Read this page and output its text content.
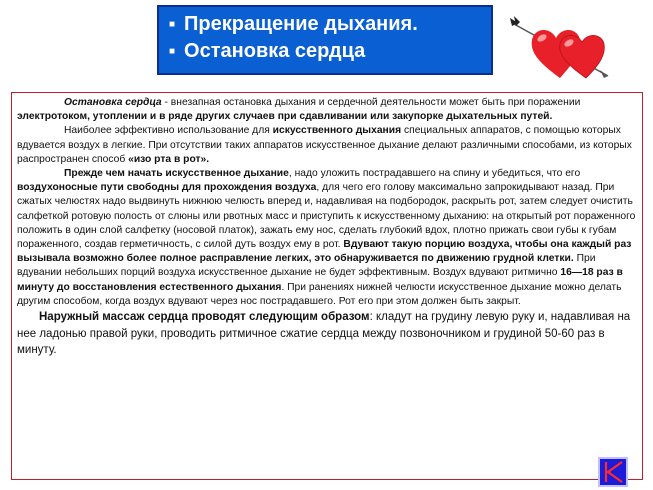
■ Прекращение дыхания.
■ Остановка сердца

Остановка сердца - внезапная остановка дыхания и сердечной деятельности может быть при поражении электротоком, утоплении и в ряде других случаев при сдавливании или закупорке дыхательных путей.

Наиболее эффективно использование для искусственного дыхания специальных аппаратов, с помощью которых вдувается воздух в легкие. При отсутствии таких аппаратов искусственное дыхание делают различными способами, из которых распространен способ «изо рта в рот».

Прежде чем начать искусственное дыхание, надо уложить пострадавшего на спину и убедиться, что его воздухоносные пути свободны для прохождения воздуха, для чего его голову максимально запрокидывают назад. При сжатых челюстях надо выдвинуть нижнюю челюсть вперед и, надавливая на подбородок, раскрыть рот, затем следует очистить салфеткой ротовую полость от слюны или рвотных масс и приступить к искусственному дыханию: на открытый рот пораженного положить в один слой салфетку (носовой платок), зажать ему нос, сделать глубокий вдох, плотно прижать свои губы к губам пораженного, создав герметичность, с силой дуть воздух ему в рот. Вдувают такую порцию воздуха, чтобы она каждый раз вызывала возможно более полное расправление легких, это обнаруживается по движению грудной клетки. При вдувании небольших порций воздуха искусственное дыхание не будет эффективным. Воздух вдувают ритмично 16—18 раз в минуту до восстановления естественного дыхания. При ранениях нижней челюсти искусственное дыхание можно делать другим способом, когда воздух вдувают через нос пострадавшего. Рот его при этом должен быть закрыт.

Наружный массаж сердца проводят следующим образом: кладут на грудину левую руку и, надавливая на нее ладонью правой руки, проводить ритмичное сжатие сердца между позвоночником и грудиной 50-60 раз в минуту.
